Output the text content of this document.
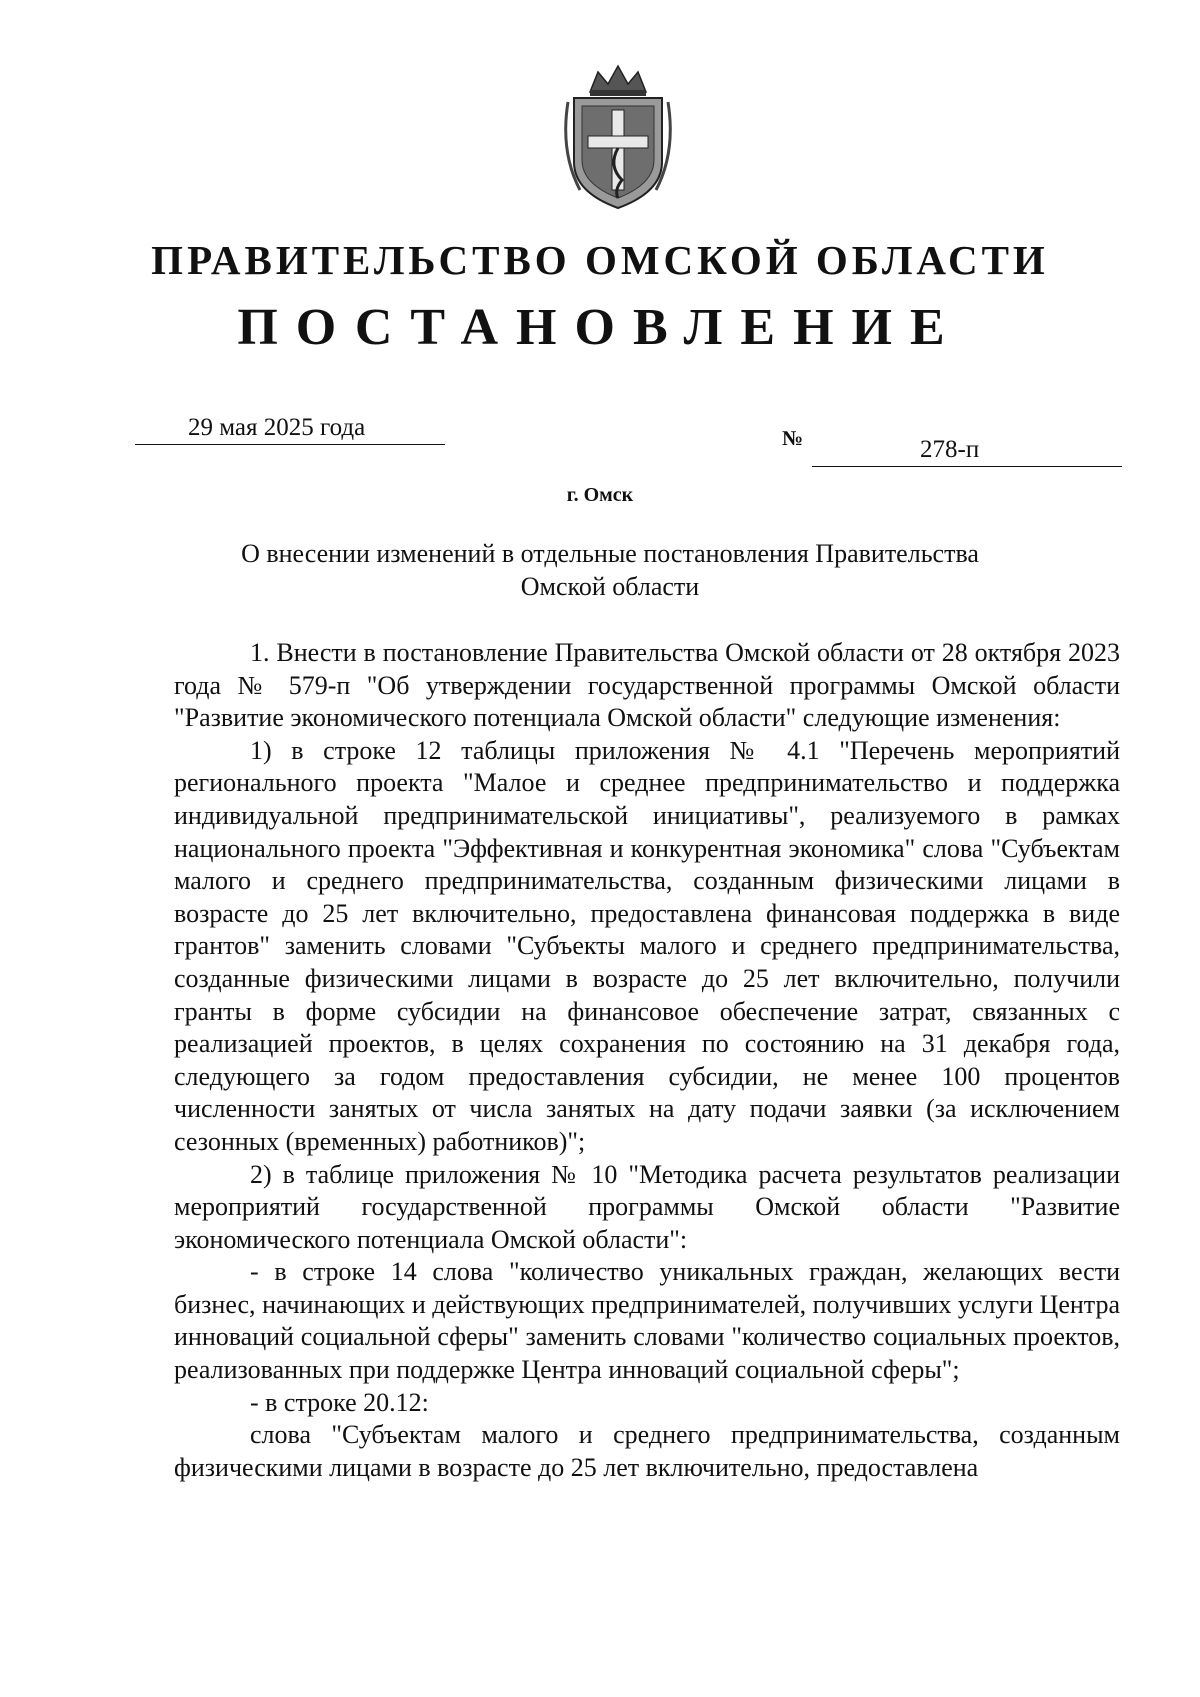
ПРАВИТЕЛЬСТВО ОМСКОЙ ОБЛАСТИ
ПОСТАНОВЛЕНИЕ
29 мая 2025 года	№	278-п
г. Омск
О внесении изменений в отдельные постановления Правительства
Омской области

1. Внести в постановление Правительства Омской области от 28 октября 2023 года № 579-п "Об утверждении государственной программы Омской области "Развитие экономического потенциала Омской области" следующие изменения:

1) в строке 12 таблицы приложения № 4.1 "Перечень мероприятий регионального проекта "Малое и среднее предпринимательство и поддержка индивидуальной предпринимательской инициативы", реализуемого в рамках национального проекта "Эффективная и конкурентная экономика" слова "Субъектам малого и среднего предпринимательства, созданным физическими лицами в возрасте до 25 лет включительно, предоставлена финансовая поддержка в виде грантов" заменить словами "Субъекты малого и среднего предпринимательства, созданные физическими лицами в возрасте до 25 лет включительно, получили гранты в форме субсидии на финансовое обеспечение затрат, связанных с реализацией проектов, в целях сохранения по состоянию на 31 декабря года, следующего за годом предоставления субсидии, не менее 100 процентов численности занятых от числа занятых на дату подачи заявки (за исключением сезонных (временных) работников)";

2) в таблице приложения № 10 "Методика расчета результатов реализации мероприятий государственной программы Омской области "Развитие экономического потенциала Омской области":

- в строке 14 слова "количество уникальных граждан, желающих вести бизнес, начинающих и действующих предпринимателей, получивших услуги Центра инноваций социальной сферы" заменить словами "количество социальных проектов, реализованных при поддержке Центра инноваций социальной сферы";

- в строке 20.12:

слова "Субъектам малого и среднего предпринимательства, созданным физическими лицами в возрасте до 25 лет включительно, предоставлена
